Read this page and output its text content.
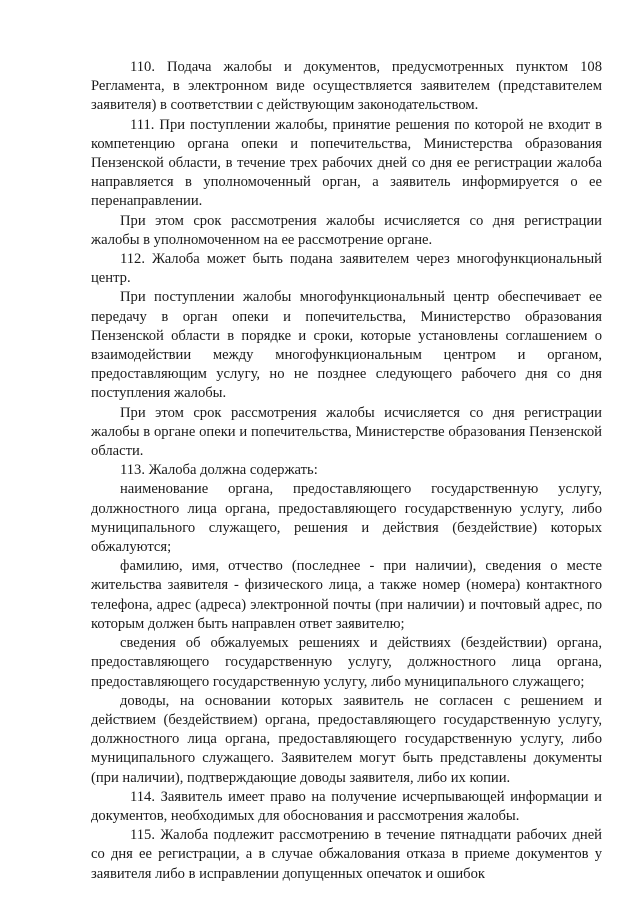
110. Подача жалобы и документов, предусмотренных пунктом 108 Регламента, в электронном виде осуществляется заявителем (представителем заявителя) в соответствии с действующим законодательством.

111. При поступлении жалобы, принятие решения по которой не входит в компетенцию органа опеки и попечительства, Министерства образования Пензенской области, в течение трех рабочих дней со дня ее регистрации жалоба направляется в уполномоченный орган, а заявитель информируется о ее перенаправлении.

При этом срок рассмотрения жалобы исчисляется со дня регистрации жалобы в уполномоченном на ее рассмотрение органе.

112. Жалоба может быть подана заявителем через многофункциональный центр.

При поступлении жалобы многофункциональный центр обеспечивает ее передачу в орган опеки и попечительства, Министерство образования Пензенской области в порядке и сроки, которые установлены соглашением о взаимодействии между многофункциональным центром и органом, предоставляющим услугу, но не позднее следующего рабочего дня со дня поступления жалобы.

При этом срок рассмотрения жалобы исчисляется со дня регистрации жалобы в органе опеки и попечительства, Министерстве образования Пензенской области.

113. Жалоба должна содержать:

наименование органа, предоставляющего государственную услугу, должностного лица органа, предоставляющего государственную услугу, либо муниципального служащего, решения и действия (бездействие) которых обжалуются;

фамилию, имя, отчество (последнее - при наличии), сведения о месте жительства заявителя - физического лица, а также номер (номера) контактного телефона, адрес (адреса) электронной почты (при наличии) и почтовый адрес, по которым должен быть направлен ответ заявителю;

сведения об обжалуемых решениях и действиях (бездействии) органа, предоставляющего государственную услугу, должностного лица органа, предоставляющего государственную услугу, либо муниципального служащего;

доводы, на основании которых заявитель не согласен с решением и действием (бездействием) органа, предоставляющего государственную услугу, должностного лица органа, предоставляющего государственную услугу, либо муниципального служащего. Заявителем могут быть представлены документы (при наличии), подтверждающие доводы заявителя, либо их копии.

114. Заявитель имеет право на получение исчерпывающей информации и документов, необходимых для обоснования и рассмотрения жалобы.

115. Жалоба подлежит рассмотрению в течение пятнадцати рабочих дней со дня ее регистрации, а в случае обжалования отказа в приеме документов у заявителя либо в исправлении допущенных опечаток и ошибок
